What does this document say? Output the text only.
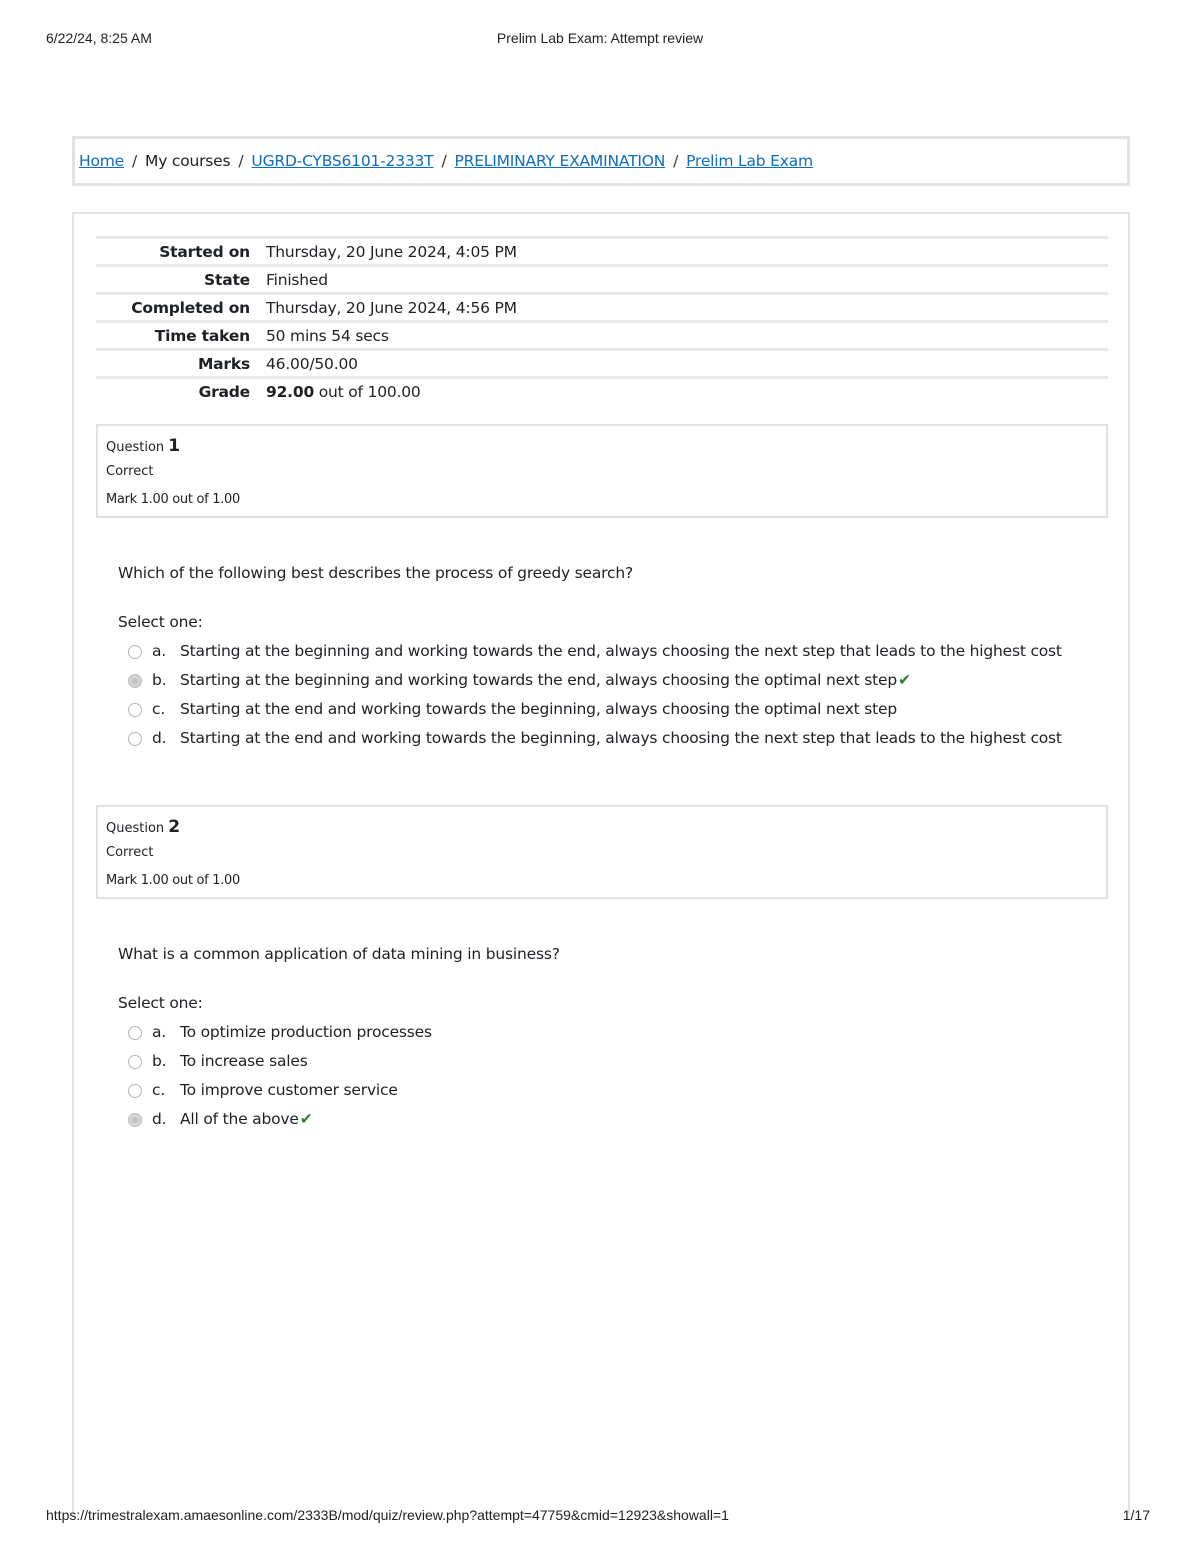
6/22/24, 8:25 AM	Prelim Lab Exam: Attempt review
Home / My courses / UGRD-CYBS6101-2333T / PRELIMINARY EXAMINATION / Prelim Lab Exam
Started on	Thursday, 20 June 2024, 4:05 PM
State	Finished
Completed on	Thursday, 20 June 2024, 4:56 PM
Time taken	50 mins 54 secs
Marks	46.00/50.00
Grade	92.00 out of 100.00
Question 1
Correct
Mark 1.00 out of 1.00
Which of the following best describes the process of greedy search?
Select one:
a. Starting at the beginning and working towards the end, always choosing the next step that leads to the highest cost
b. Starting at the beginning and working towards the end, always choosing the optimal next step✔
c. Starting at the end and working towards the beginning, always choosing the optimal next step
d. Starting at the end and working towards the beginning, always choosing the next step that leads to the highest cost
Question 2
Correct
Mark 1.00 out of 1.00
What is a common application of data mining in business?
Select one:
a. To optimize production processes
b. To increase sales
c. To improve customer service
d. All of the above✔
https://trimestralexam.amaesonline.com/2333B/mod/quiz/review.php?attempt=47759&cmid=12923&showall=1	1/17
